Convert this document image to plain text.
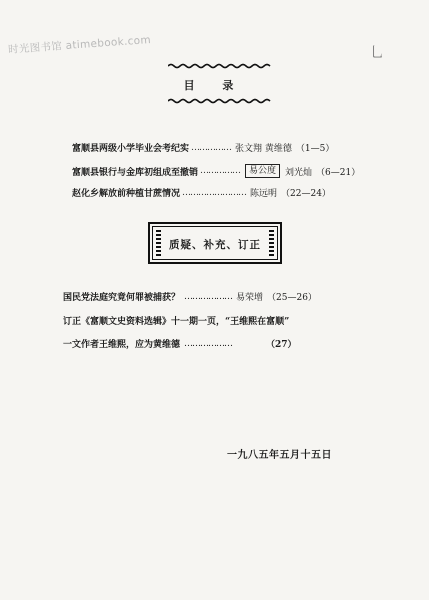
时光图书馆 atimebook.com	乚
目 录
富顺县两级小学毕业会考纪实 …………… 张文翔 黄维德 （1—5）
富顺县银行与金库初组成至撤销 ……………	易公度	刘光灿 （6—21）
赵化乡解放前种植甘蔗情况 …………………… 陈远明 （22—24）
质疑、补充、订正
国民党法庭究竟何罪被捕获？ ……………… 易荣增 （25—26）
订正《富顺文史资料选辑》十一期一页，“王维熙在富顺”
一文作者王维熙，应为黄维德 ………………	（27）
一九八五年五月十五日
